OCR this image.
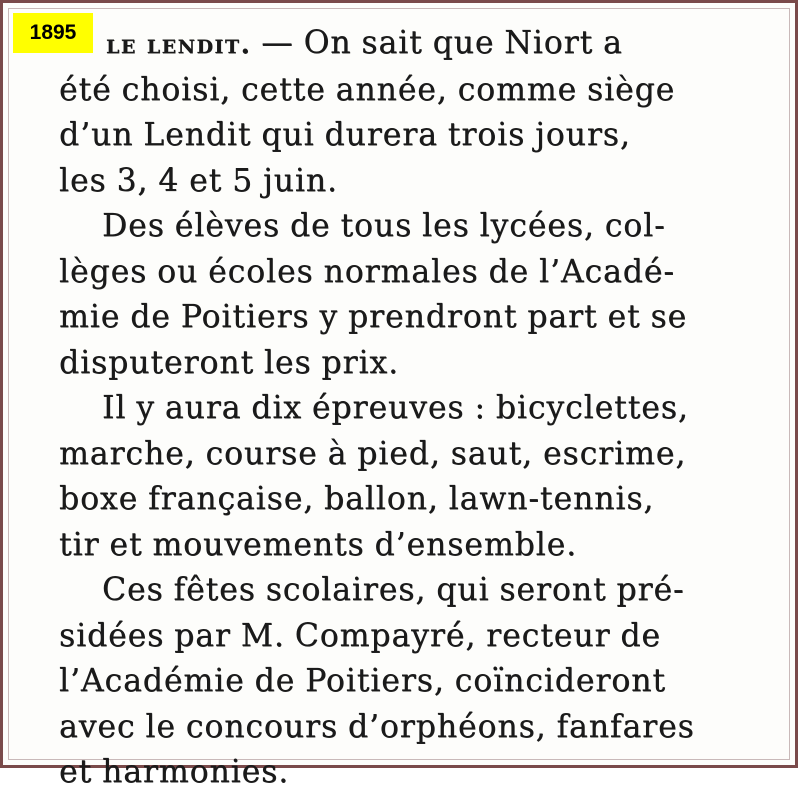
1895	le lendit. — On sait que Niort a
été choisi, cette année, comme siège
d’un Lendit qui durera trois jours,
les 3, 4 et 5 juin.
Des élèves de tous les lycées, col-
lèges ou écoles normales de l’Acadé-
mie de Poitiers y prendront part et se
disputeront les prix.
Il y aura dix épreuves : bicyclettes,
marche, course à pied, saut, escrime,
boxe française, ballon, lawn-tennis,
tir et mouvements d’ensemble.
Ces fêtes scolaires, qui seront pré-
sidées par M. Compayré, recteur de
l’Académie de Poitiers, coïncideront
avec le concours d’orphéons, fanfares
et harmonies.
